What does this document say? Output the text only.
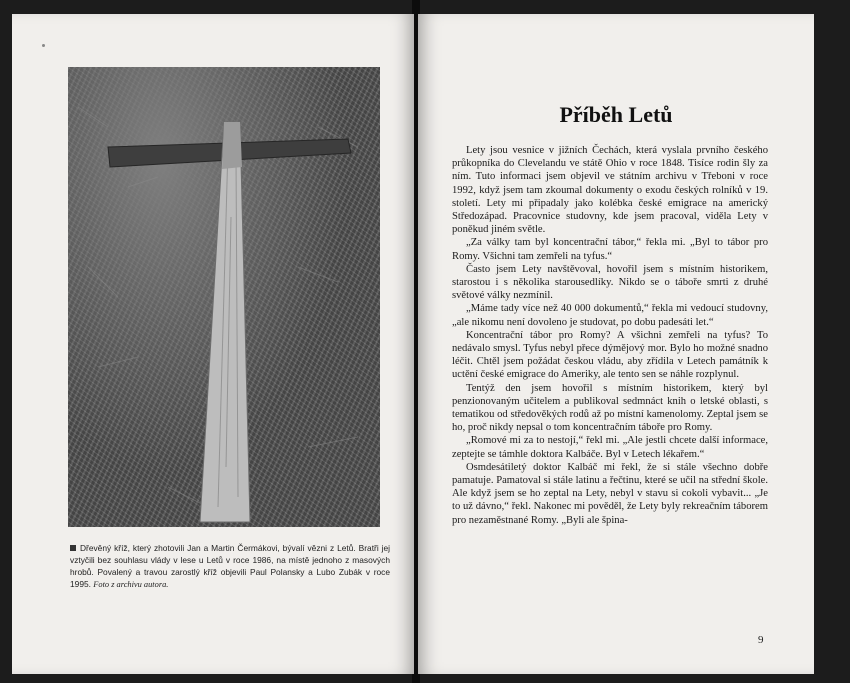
Dřevěný kříž, který zhotovili Jan a Martin Čermákovi, bývalí vězni z Letů. Bratři jej vztyčili bez souhlasu vlády v lese u Letů v roce 1986, na místě jednoho z masových hrobů. Povalený a travou zarostlý kříž objevili Paul Polansky a Lubo Zubák v roce 1995. Foto z archivu autora.
Příběh Letů

Lety jsou vesnice v jižních Čechách, která vyslala prvního českého průkopníka do Clevelandu ve státě Ohio v roce 1848. Tisíce rodin šly za ním. Tuto informaci jsem objevil ve státním archivu v Třeboni v roce 1992, když jsem tam zkoumal dokumenty o exodu českých rolníků v 19. století. Lety mi připadaly jako kolébka české emigrace na americký Středozápad. Pracovnice studovny, kde jsem pracoval, viděla Lety v poněkud jiném světle.

„Za války tam byl koncentrační tábor,“ řekla mi. „Byl to tábor pro Romy. Všichni tam zemřeli na tyfus.“

Často jsem Lety navštěvoval, hovořil jsem s místním historikem, starostou i s několika starousedlíky. Nikdo se o táboře smrti z druhé světové války nezmínil.

„Máme tady více než 40 000 dokumentů,“ řekla mi vedoucí studovny, „ale nikomu není dovoleno je studovat, po dobu padesáti let.“

Koncentrační tábor pro Romy? A všichni zemřeli na tyfus? To nedávalo smysl. Tyfus nebyl přece dýmějový mor. Bylo ho možné snadno léčit. Chtěl jsem požádat českou vládu, aby zřídila v Letech památník k uctění české emigrace do Ameriky, ale tento sen se náhle rozplynul.

Tentýž den jsem hovořil s místním historikem, který byl penzionovaným učitelem a publikoval sedmnáct knih o letské oblasti, s tematikou od středověkých rodů až po místní kamenolomy. Zeptal jsem se ho, proč nikdy nepsal o tom koncentračním táboře pro Romy.

„Romové mi za to nestojí,“ řekl mi. „Ale jestli chcete další informace, zeptejte se támhle doktora Kalbáče. Byl v Letech lékařem.“

Osmdesátiletý doktor Kalbáč mi řekl, že si stále všechno dobře pamatuje. Pamatoval si stále latinu a řečtinu, které se učil na střední škole. Ale když jsem se ho zeptal na Lety, nebyl v stavu si cokoli vybavit... „Je to už dávno,“ řekl. Nakonec mi pověděl, že Lety byly rekreačním táborem pro nezaměstnané Romy. „Byli ale špina-

9
